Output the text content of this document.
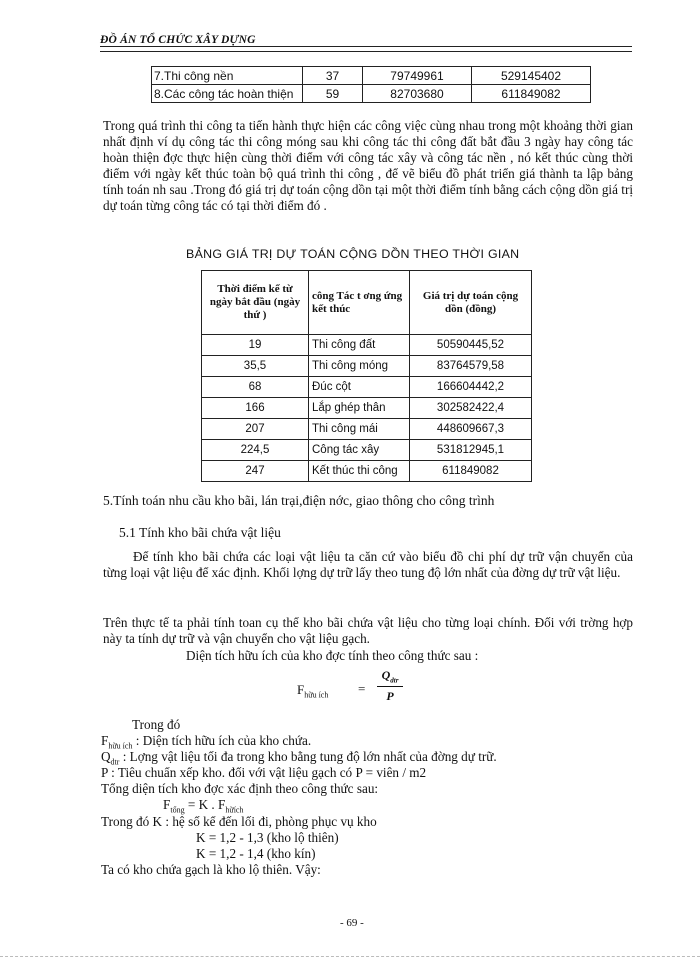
ĐỒ ÁN TỔ CHỨC XÂY DỰNG
7.Thi công nền	37	79749961	529145402
8.Các công tác hoàn thiện	59	82703680	611849082
Trong quá trình thi công ta tiến hành thực hiện các công việc cùng nhau trong một khoảng thời gian nhất định ví dụ công tác thi công móng sau khi công tác thi công đất bắt đầu 3 ngày hay công tác hoàn thiện đợc thực hiện cùng thời điểm với công tác xây và công tác nền , nó kết thúc cùng thời điểm với ngày kết thúc toàn bộ quá trình thi công , để vẽ biểu đồ phát triển giá thành ta lập bảng tính toán nh sau .Trong đó giá trị dự toán cộng dồn tại một thời điểm tính bằng cách cộng dồn giá trị dự toán từng công tác có tại thời điểm đó .
BẢNG GIÁ TRỊ DỰ TOÁN CỘNG DỒN THEO THỜI GIAN
Thời điểm kể từ ngày bắt đầu (ngày thứ )	công Tác t ơng ứng kết thúc	Giá trị dự toán cộng dồn (đồng)
19	Thi công đất	50590445,52
35,5	Thi công móng	83764579,58
68	Đúc cột	166604442,2
166	Lắp ghép thân	302582422,4
207	Thi công mái	448609667,3
224,5	Công tác xây	531812945,1
247	Kết thúc thi công	611849082
5.Tính toán nhu cầu kho bãi, lán trại,điện nớc, giao thông cho công trình
5.1 Tính kho bãi chứa vật liệu
Để tính kho bãi chứa các loại vật liệu ta căn cứ vào biểu đồ chi phí dự trữ vận chuyển của từng loại vật liệu để xác định. Khối lợng dự trữ lấy theo tung độ lớn nhất của đờng dự trữ vật liệu.
Trên thực tế ta phải tính toan cụ thể kho bãi chứa vật liệu cho từng loại chính. Đối với trờng hợp này ta tính dự trữ và vận chuyển cho vật liệu gạch.
Diện tích hữu ích của kho đợc tính theo công thức sau :
$F_{hữu ích}$ =
$Q_{dtr}$
P
Trong đó
$F_{hữu ích}$ : Diện tích hữu ích của kho chứa.
$Q_{dtr}$ : Lợng vật liệu tối đa trong kho bằng tung độ lớn nhất của đờng dự trữ.
P : Tiêu chuẩn xếp kho. đối với vật liệu gạch có P = viên / m2
Tổng diện tích kho đợc xác định theo công thức sau:
$F_{tổng} = K$ . $F_{hữích}$
Trong đó K : hệ số kể đến lối đi, phòng phục vụ kho
K = 1,2 - 1,3 (kho lộ thiên)
K = 1,2 - 1,4 (kho kín)
Ta có kho chứa gạch là kho lộ thiên. Vậy:
- 69 -
